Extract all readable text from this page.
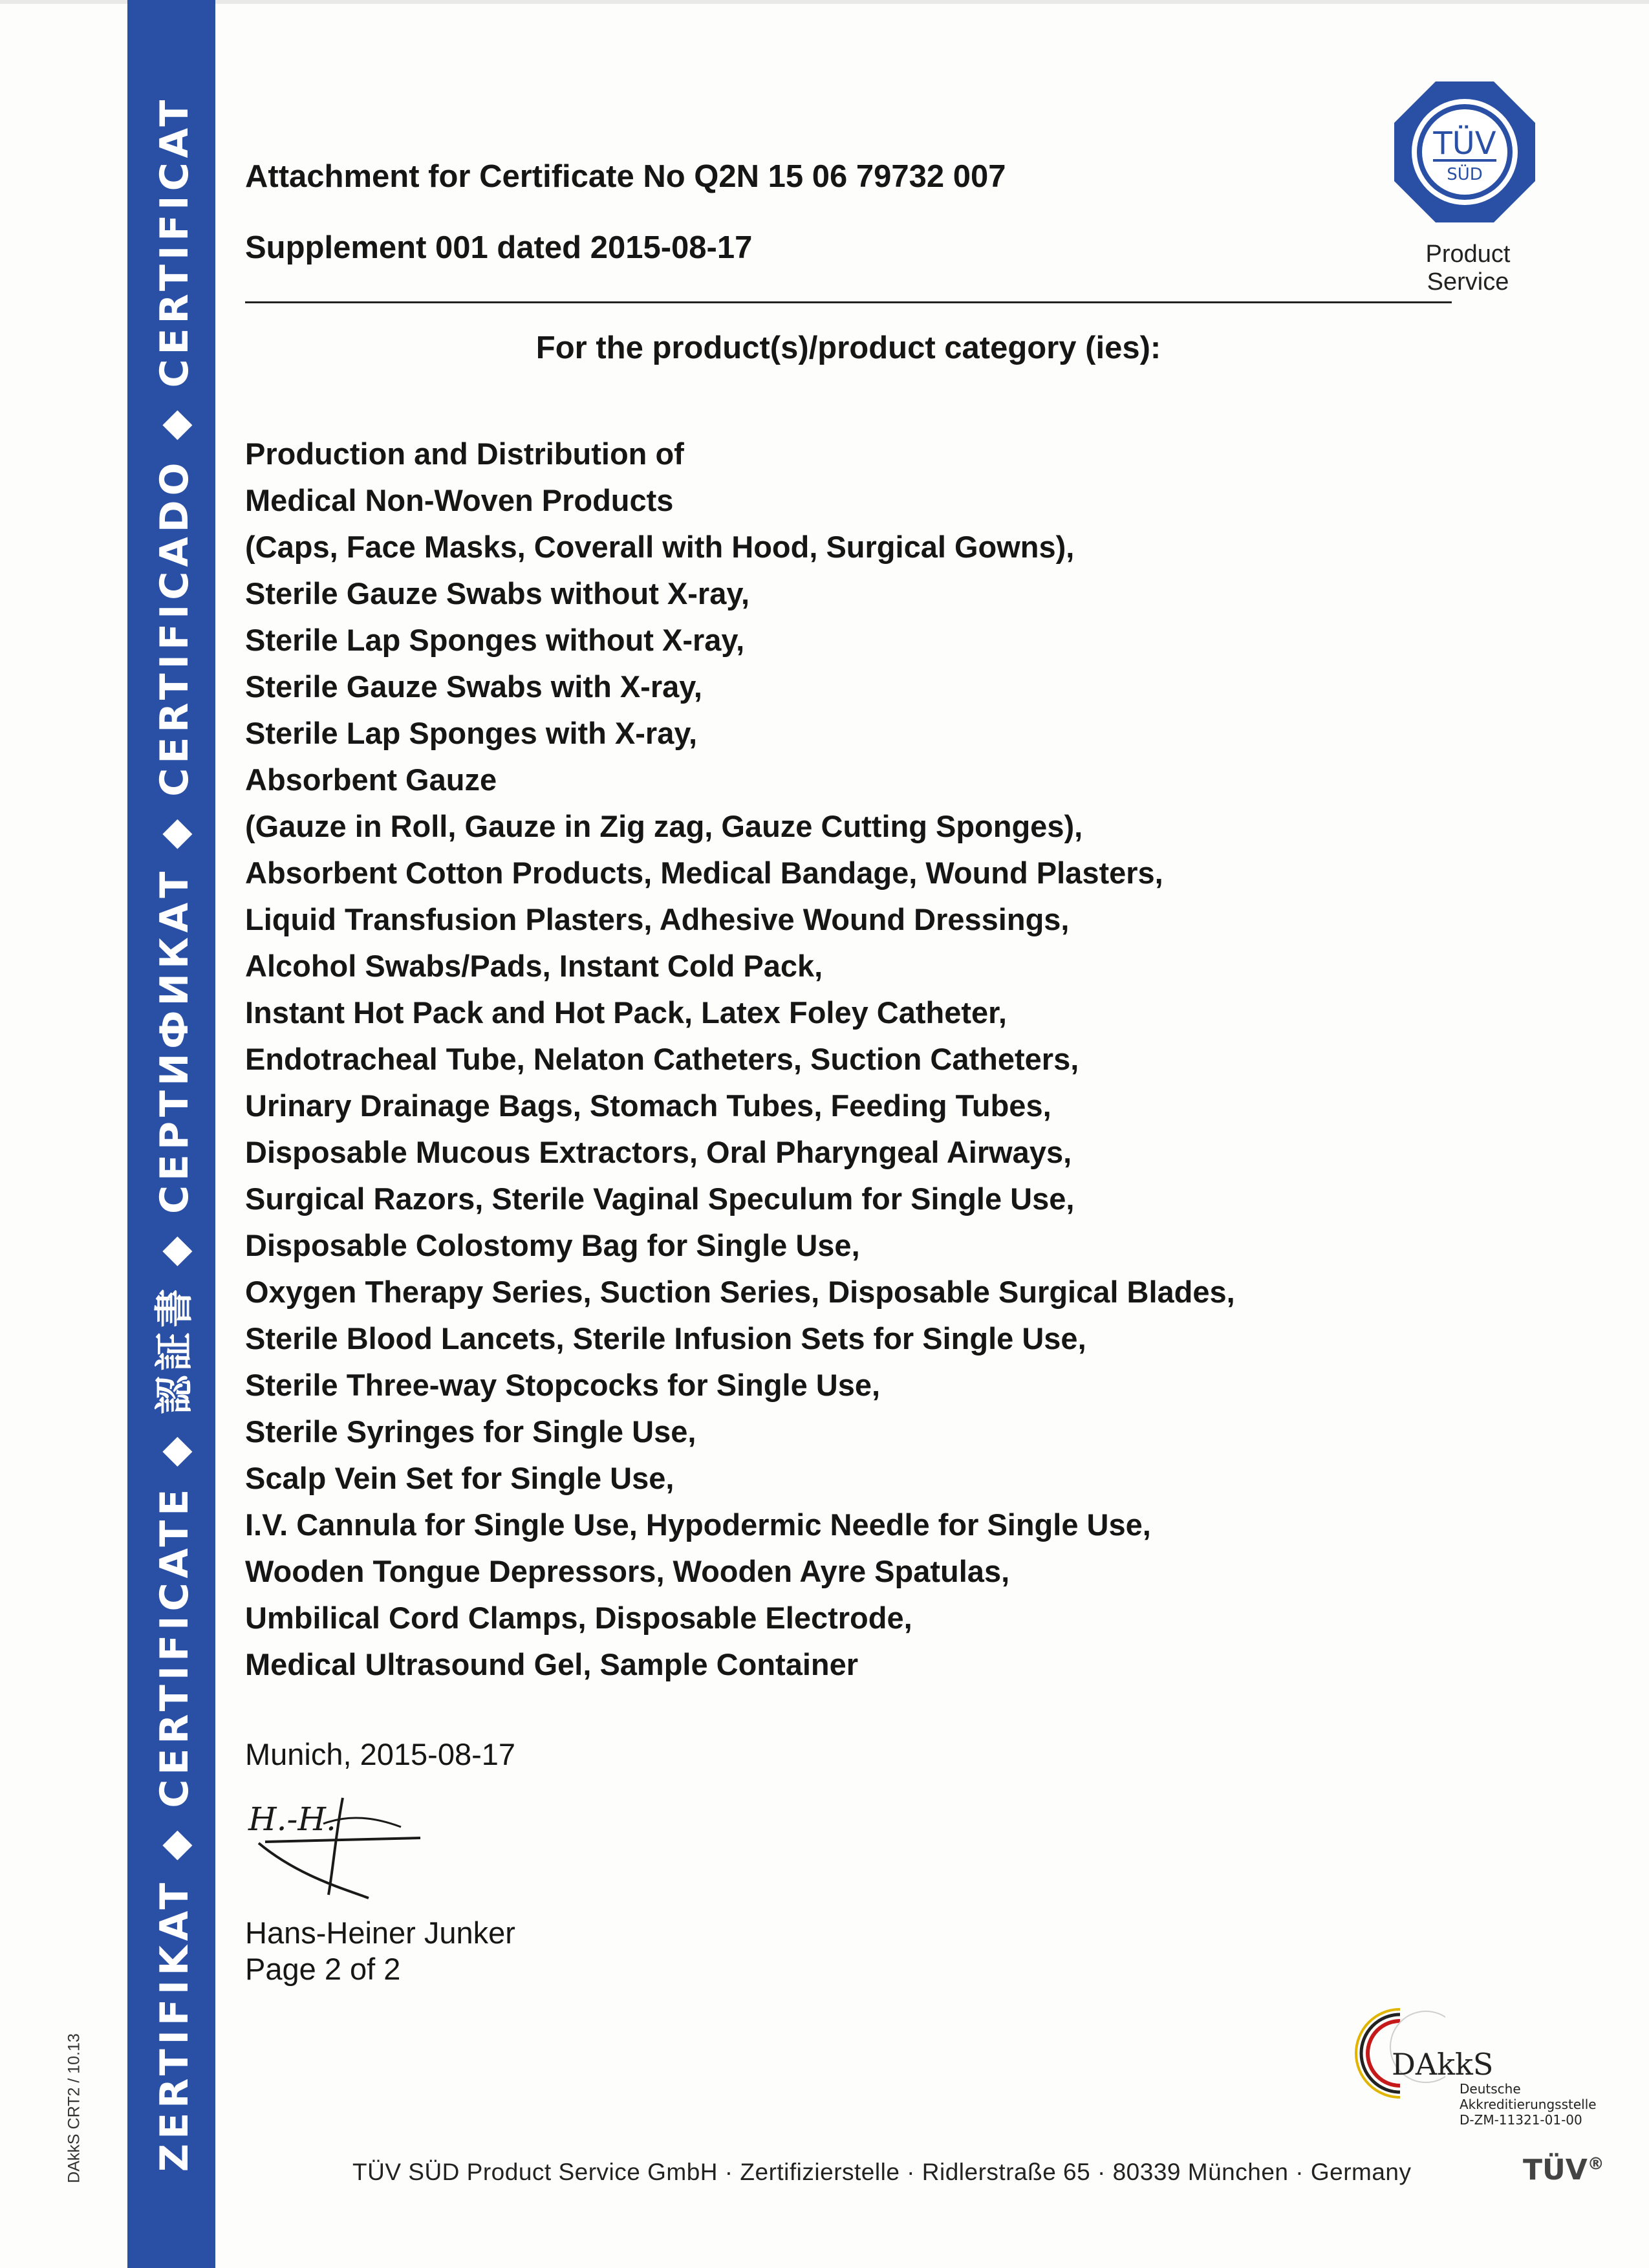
ZERTIFIKAT ◆ CERTIFICATE ◆ 認証書 ◆ СЕРТИФИКАТ ◆ CERTIFICADO ◆ CERTIFICAT
DAkkS CRT2 / 10.13
Attachment for Certificate No Q2N 15 06 79732 007
Supplement 001 dated 2015-08-17
TÜV
SÜD
Product Service
For the product(s)/product category (ies):
Production and Distribution of
Medical Non-Woven Products
(Caps, Face Masks, Coverall with Hood, Surgical Gowns),
Sterile Gauze Swabs without X-ray,
Sterile Lap Sponges without X-ray,
Sterile Gauze Swabs with X-ray,
Sterile Lap Sponges with X-ray,
Absorbent Gauze
(Gauze in Roll, Gauze in Zig zag, Gauze Cutting Sponges),
Absorbent Cotton Products, Medical Bandage, Wound Plasters,
Liquid Transfusion Plasters, Adhesive Wound Dressings,
Alcohol Swabs/Pads, Instant Cold Pack,
Instant Hot Pack and Hot Pack, Latex Foley Catheter,
Endotracheal Tube, Nelaton Catheters, Suction Catheters,
Urinary Drainage Bags, Stomach Tubes, Feeding Tubes,
Disposable Mucous Extractors, Oral Pharyngeal Airways,
Surgical Razors, Sterile Vaginal Speculum for Single Use,
Disposable Colostomy Bag for Single Use,
Oxygen Therapy Series, Suction Series, Disposable Surgical Blades,
Sterile Blood Lancets, Sterile Infusion Sets for Single Use,
Sterile Three-way Stopcocks for Single Use,
Sterile Syringes for Single Use,
Scalp Vein Set for Single Use,
I.V. Cannula for Single Use, Hypodermic Needle for Single Use,
Wooden Tongue Depressors, Wooden Ayre Spatulas,
Umbilical Cord Clamps, Disposable Electrode,
Medical Ultrasound Gel, Sample Container
Munich, 2015-08-17
H.-H.
Hans-Heiner Junker
Page 2 of 2
DAkkS
Deutsche
Akkreditierungsstelle
D-ZM-11321-01-00
TÜV SÜD Product Service GmbH · Zertifizierstelle · Ridlerstraße 65 · 80339 München · Germany	TÜV®
